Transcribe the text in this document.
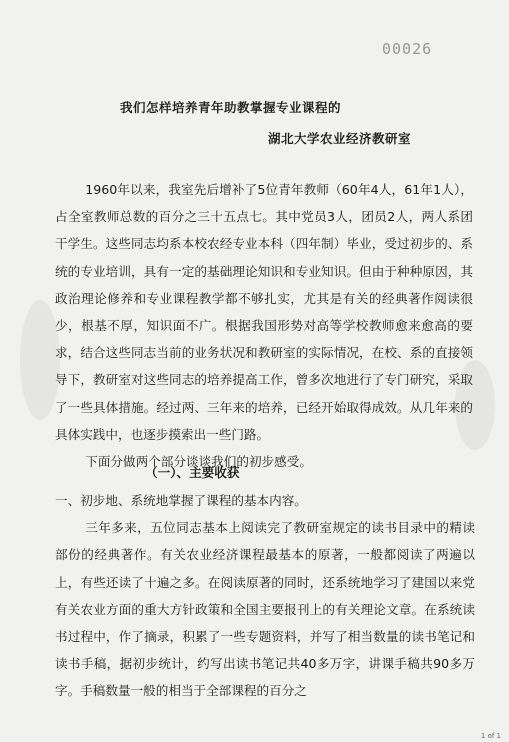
00026
我们怎样培养青年助教掌握专业课程的
湖北大学农业经济教研室

1960年以来，我室先后增补了5位青年教师（60年4人，61年1人），占全室教师总数的百分之三十五点七。其中党员3人，团员2人，两人系团干学生。这些同志均系本校农经专业本科（四年制）毕业，受过初步的、系统的专业培训，具有一定的基础理论知识和专业知识。但由于种种原因，其政治理论修养和专业课程教学都不够扎实，尤其是有关的经典著作阅读很少，根基不厚，知识面不广。根据我国形势对高等学校教师愈来愈高的要求，结合这些同志当前的业务状况和教研室的实际情况，在校、系的直接领导下，教研室对这些同志的培养提高工作，曾多次地进行了专门研究，采取了一些具体措施。经过两、三年来的培养，已经开始取得成效。从几年来的具体实践中，也逐步摸索出一些门路。

下面分做两个部分谈谈我们的初步感受。

（一）、主要收获

一、初步地、系统地掌握了课程的基本内容。

三年多来，五位同志基本上阅读完了教研室规定的读书目录中的精读部份的经典著作。有关农业经济课程最基本的原著，一般都阅读了两遍以上，有些还读了十遍之多。在阅读原著的同时，还系统地学习了建国以来党有关农业方面的重大方针政策和全国主要报刊上的有关理论文章。在系统读书过程中，作了摘录，积累了一些专题资料，并写了相当数量的读书笔记和读书手稿，据初步统计，约写出读书笔记共40多万字，讲课手稿共90多万字。手稿数量一般的相当于全部课程的百分之

1 of 1
